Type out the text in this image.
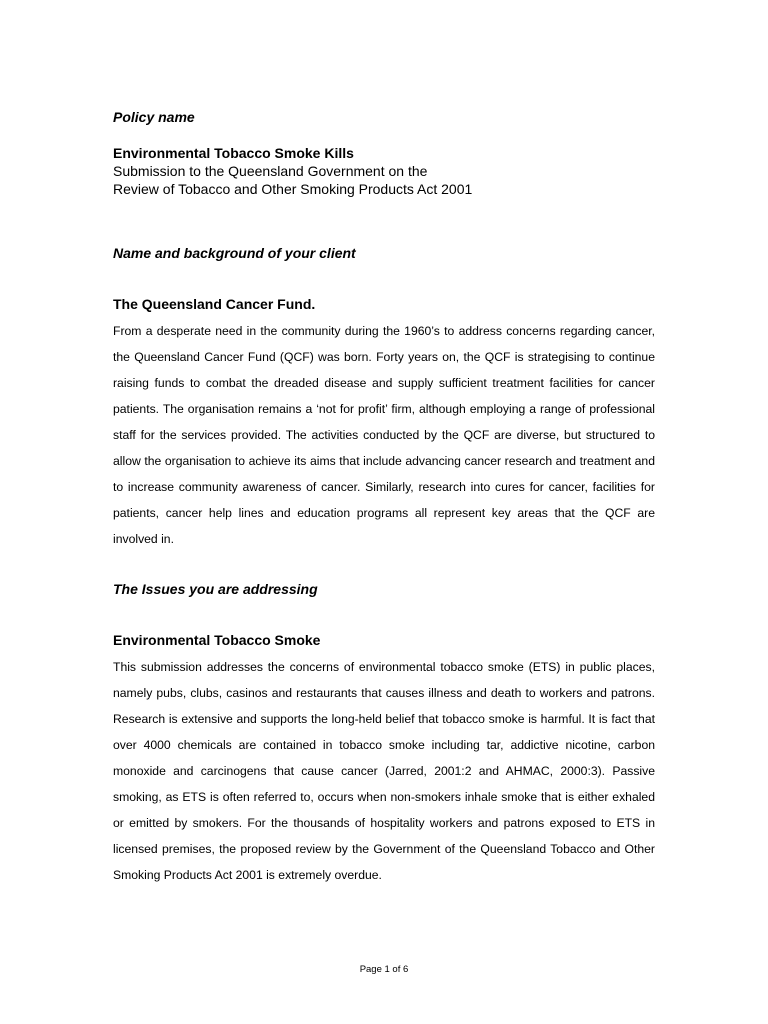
Policy name
Environmental Tobacco Smoke Kills
Submission to the Queensland Government on the
Review of Tobacco and Other Smoking Products Act 2001
Name and background of your client
The Queensland Cancer Fund.
From a desperate need in the community during the 1960’s to address concerns regarding cancer, the Queensland Cancer Fund (QCF) was born. Forty years on, the QCF is strategising to continue raising funds to combat the dreaded disease and supply sufficient treatment facilities for cancer patients. The organisation remains a ‘not for profit’ firm, although employing a range of professional staff for the services provided. The activities conducted by the QCF are diverse, but structured to allow the organisation to achieve its aims that include advancing cancer research and treatment and to increase community awareness of cancer. Similarly, research into cures for cancer, facilities for patients, cancer help lines and education programs all represent key areas that the QCF are involved in.
The Issues you are addressing
Environmental Tobacco Smoke
This submission addresses the concerns of environmental tobacco smoke (ETS) in public places, namely pubs, clubs, casinos and restaurants that causes illness and death to workers and patrons. Research is extensive and supports the long-held belief that tobacco smoke is harmful. It is fact that over 4000 chemicals are contained in tobacco smoke including tar, addictive nicotine, carbon monoxide and carcinogens that cause cancer (Jarred, 2001:2 and AHMAC, 2000:3). Passive smoking, as ETS is often referred to, occurs when non-smokers inhale smoke that is either exhaled or emitted by smokers. For the thousands of hospitality workers and patrons exposed to ETS in licensed premises, the proposed review by the Government of the Queensland Tobacco and Other Smoking Products Act 2001 is extremely overdue.
Page 1 of 6
